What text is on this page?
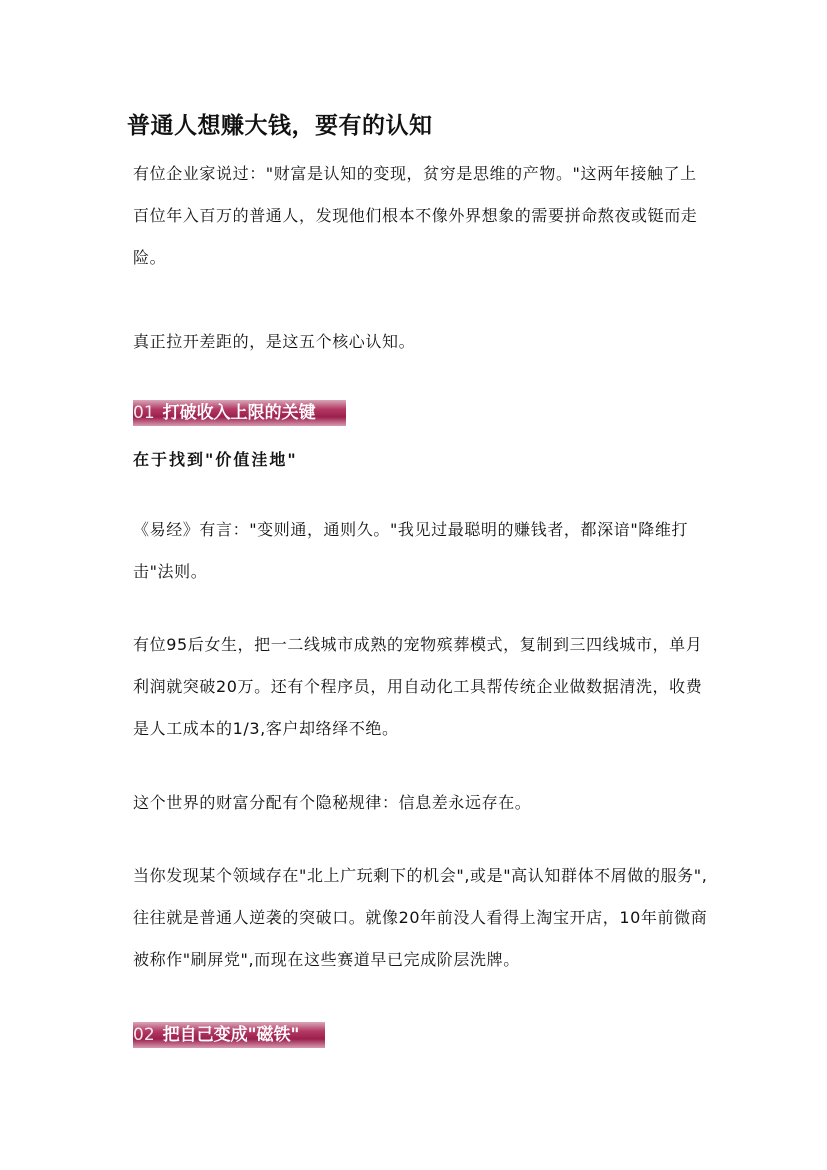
普通人想赚大钱，要有的认知

有位企业家说过："财富是认知的变现，贫穷是思维的产物。"这两年接触了上百位年入百万的普通人，发现他们根本不像外界想象的需要拼命熬夜或铤而走险。

真正拉开差距的，是这五个核心认知。

01 打破收入上限的关键

在于找到"价值洼地"

《易经》有言："变则通，通则久。"我见过最聪明的赚钱者，都深谙"降维打击"法则。

有位95后女生，把一二线城市成熟的宠物殡葬模式，复制到三四线城市，单月利润就突破20万。还有个程序员，用自动化工具帮传统企业做数据清洗，收费是人工成本的1/3,客户却络绎不绝。

这个世界的财富分配有个隐秘规律：信息差永远存在。

当你发现某个领域存在"北上广玩剩下的机会",或是"高认知群体不屑做的服务",往往就是普通人逆袭的突破口。就像20年前没人看得上淘宝开店，10年前微商被称作"刷屏党",而现在这些赛道早已完成阶层洗牌。

02 把自己变成"磁铁"
